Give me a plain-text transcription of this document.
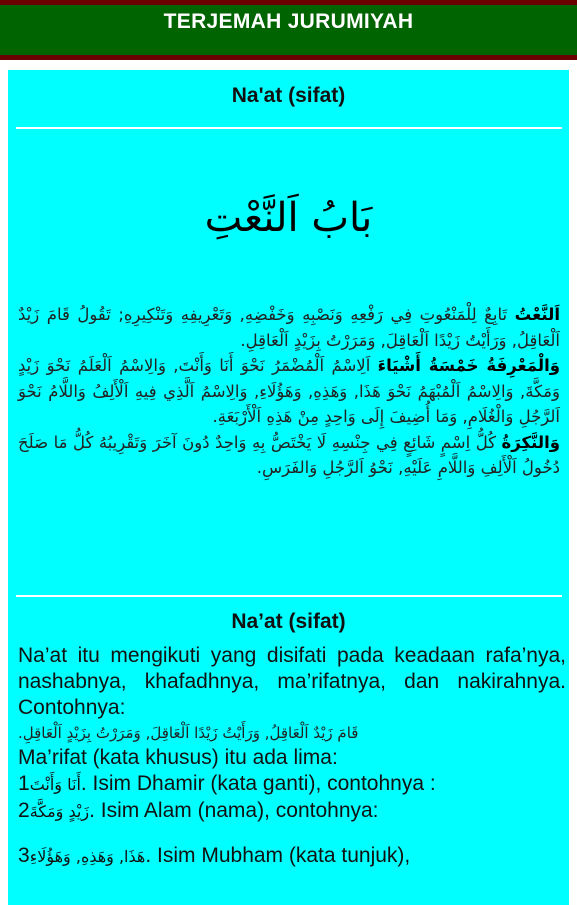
TERJEMAH JURUMIYAH
Na'at (sifat)
بَابُ اَلنَّعْتِ

اَلنَّعْتُ تَابِعٌ لِلْمَنْعُوتِ فِي رَفْعِهِ وَنَصْبِهِ وَخَفْضِهِ, وَتَعْرِيفِهِ وَتَنْكِيرِهِ; تَقُولُ قَامَ زَيْدٌ اَلْعَاقِلُ, وَرَأَيْتُ زَيْدًا اَلْعَاقِلَ, وَمَرَرْتُ بِزَيْدٍ اَلْعَاقِلِ.

وَالْمَعْرِفَةُ خَمْسَةُ أَشْيَاءَ اَلِاسْمُ اَلْمُضْمَرُ نَحْوَ أَنَا وَأَنْتَ, وَالِاسْمُ اَلْعَلَمُ نَحْوَ زَيْدٍ وَمَكَّةَ, وَالِاسْمُ اَلْمُبْهَمُ نَحْوَ هَذَا, وَهَذِهِ, وَهَؤُلَاءِ, وَالِاسْمُ اَلَّذِي فِيهِ اَلْأَلِفُ وَاللَّامُ نَحْوَ اَلرَّجُلِ وَالْغُلَامِ, وَمَا أُضِيفَ إِلَى وَاحِدٍ مِنْ هَذِهِ اَلْأَرْبَعَةِ.

وَالنَّكِرَةُ كُلُّ اِسْمٍ شَائِعٍ فِي جِنْسِهِ لَا يَخْتَصُّ بِهِ وَاحِدٌ دُونَ آخَرَ وَتَقْرِيبُهُ كُلُّ مَا صَلَحَ دُخُولُ اَلْأَلِفِ وَاللَّامِ عَلَيْهِ, نَحْوُ اَلرَّجُلِ وَالفَرَسِ.

Na’at (sifat)
Na’at itu mengikuti yang disifati pada keadaan rafa’nya, nashabnya, khafadhnya, ma’rifatnya, dan nakirahnya. Contohnya:
قَامَ زَيْدٌ اَلْعَاقِلُ, وَرَأَيْتُ زَيْدًا اَلْعَاقِلَ, وَمَرَرْتُ بِزَيْدٍ اَلْعَاقِلِ.
Ma’rifat (kata khusus) itu ada lima:
1أَنَا وَأَنْتَ. Isim Dhamir (kata ganti), contohnya :
2زَيْدٍ وَمَكَّةَ. Isim Alam (nama), contohnya:
3هَذَا, وَهَذِهِ, وَهَؤُلَاءِ. Isim Mubham (kata tunjuk),
